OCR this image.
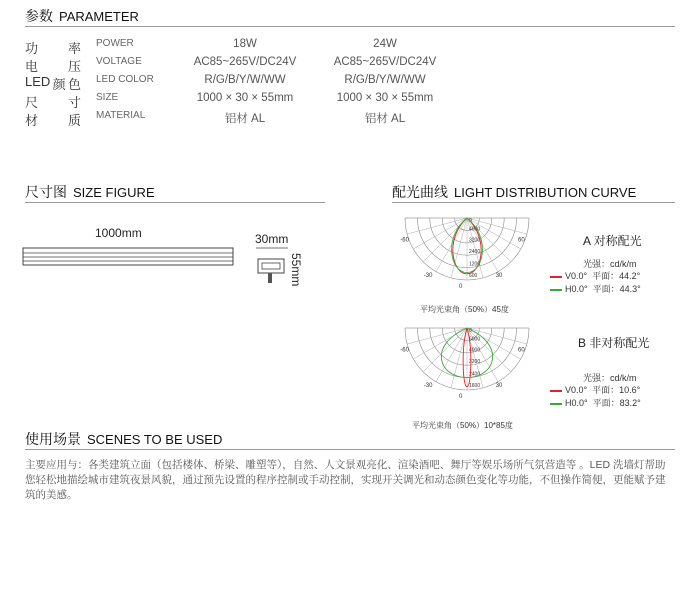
参数 PARAMETER
功 率 POWER	18W	24W
电 压 VOLTAGE	AC85~265V/DC24V	AC85~265V/DC24V
LED 颜 色 LED COLOR	R/G/B/Y/W/WW	R/G/B/Y/W/WW
尺 寸 SIZE	1000 × 30 × 55mm	1000 × 30 × 55mm
材 质 MATERIAL	铝材 AL	铝材 AL
尺寸图 SIZE FIGURE
1000mm	30mm
55mm
配光曲线 LIGHT DISTRIBUTION CURVE
600
1200
2400
3200
4000
0
-60
-30
0
30
60
平均光束角（50%）45度
1600
2400
3200
4000
6000
0
-60
-30
0
30
60
平均光束角（50%）10*85度
A 对称配光
光强：cd/k/m
V0.0° 平面：44.2°
H0.0° 平面：44.3°
B 非对称配光
光强：cd/k/m
V0.0° 平面：10.6°
H0.0° 平面：83.2°
使用场景 SCENES TO BE USED
主要应用与：各类建筑立面（包括楼体、桥梁、雕塑等），自然、人文景观亮化、渲染酒吧、舞厅等娱乐场所气氛营造等 。LED 洗墙灯帮助您轻松地描绘城市建筑夜景风貌，通过预先设置的程序控制或手动控制，实现开关调光和动态颜色变化等功能，不但操作简便，更能赋予建筑的美感。
